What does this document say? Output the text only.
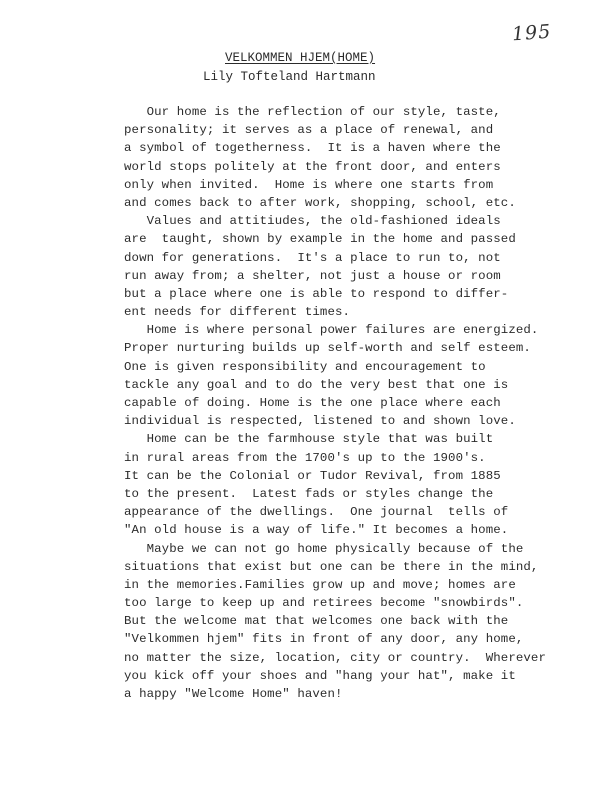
195
VELKOMMEN HJEM(HOME)
Lily Tofteland Hartmann
Our home is the reflection of our style, taste,
personality; it serves as a place of renewal, and
a symbol of togetherness.  It is a haven where the
world stops politely at the front door, and enters
only when invited.  Home is where one starts from
and comes back to after work, shopping, school, etc.
Values and attitiudes, the old-fashioned ideals
are  taught, shown by example in the home and passed
down for generations.  It's a place to run to, not
run away from; a shelter, not just a house or room
but a place where one is able to respond to differ-
ent needs for different times.
Home is where personal power failures are energized.
Proper nurturing builds up self-worth and self esteem.
One is given responsibility and encouragement to
tackle any goal and to do the very best that one is
capable of doing. Home is the one place where each
individual is respected, listened to and shown love.
Home can be the farmhouse style that was built
in rural areas from the 1700's up to the 1900's.
It can be the Colonial or Tudor Revival, from 1885
to the present.  Latest fads or styles change the
appearance of the dwellings.  One journal  tells of
"An old house is a way of life." It becomes a home.
Maybe we can not go home physically because of the
situations that exist but one can be there in the mind,
in the memories.Families grow up and move; homes are
too large to keep up and retirees become "snowbirds".
But the welcome mat that welcomes one back with the
"Velkommen hjem" fits in front of any door, any home,
no matter the size, location, city or country.  Wherever
you kick off your shoes and "hang your hat", make it
a happy "Welcome Home" haven!
